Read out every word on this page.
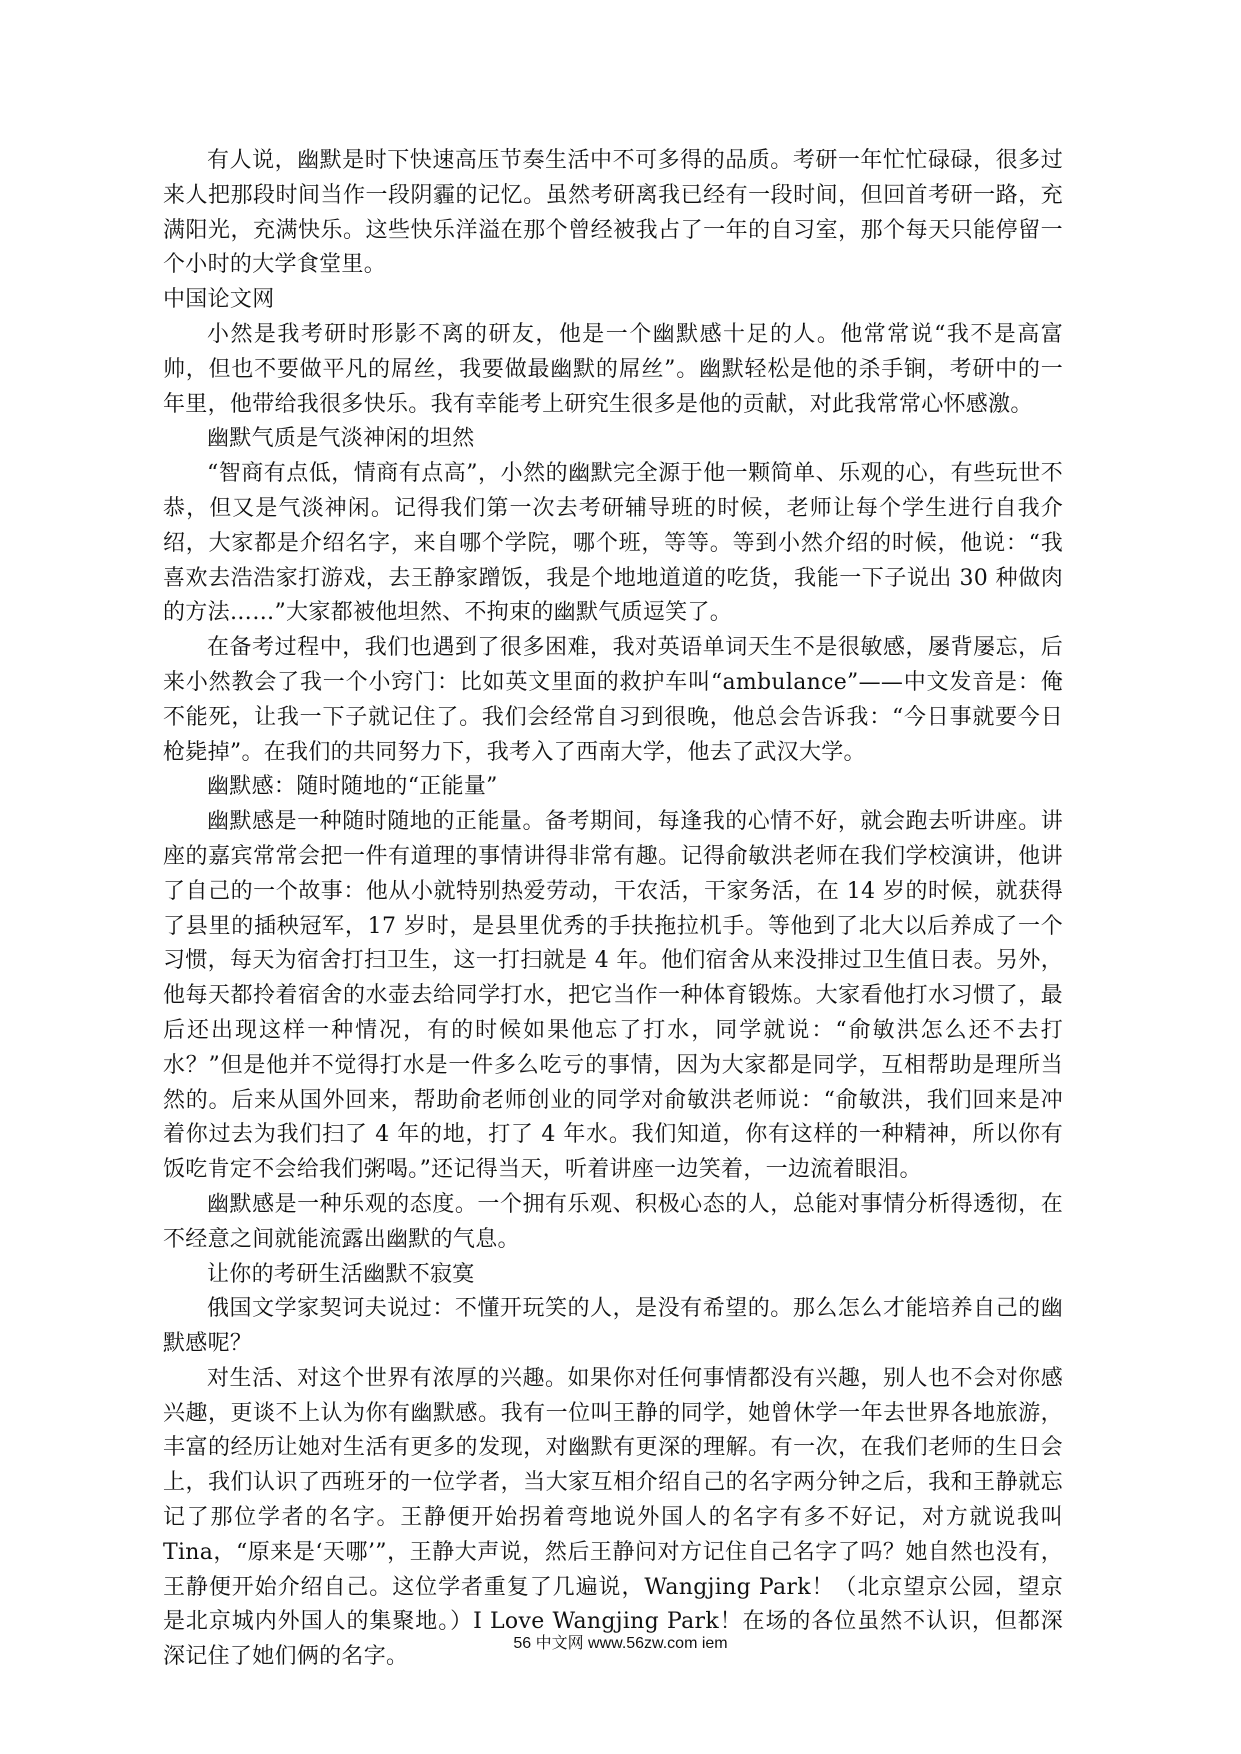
有人说，幽默是时下快速高压节奏生活中不可多得的品质。考研一年忙忙碌碌，很多过来人把那段时间当作一段阴霾的记忆。虽然考研离我已经有一段时间，但回首考研一路，充满阳光，充满快乐。这些快乐洋溢在那个曾经被我占了一年的自习室，那个每天只能停留一个小时的大学食堂里。

中国论文网

小然是我考研时形影不离的研友，他是一个幽默感十足的人。他常常说“我不是高富帅，但也不要做平凡的屌丝，我要做最幽默的屌丝”。幽默轻松是他的杀手锏，考研中的一年里，他带给我很多快乐。我有幸能考上研究生很多是他的贡献，对此我常常心怀感激。

幽默气质是气淡神闲的坦然

“智商有点低，情商有点高”，小然的幽默完全源于他一颗简单、乐观的心，有些玩世不恭，但又是气淡神闲。记得我们第一次去考研辅导班的时候，老师让每个学生进行自我介绍，大家都是介绍名字，来自哪个学院，哪个班，等等。等到小然介绍的时候，他说：“我喜欢去浩浩家打游戏，去王静家蹭饭，我是个地地道道的吃货，我能一下子说出 30 种做肉的方法……”大家都被他坦然、不拘束的幽默气质逗笑了。

在备考过程中，我们也遇到了很多困难，我对英语单词天生不是很敏感，屡背屡忘，后来小然教会了我一个小窍门：比如英文里面的救护车叫“ambulance”——中文发音是：俺不能死，让我一下子就记住了。我们会经常自习到很晚，他总会告诉我：“今日事就要今日枪毙掉”。在我们的共同努力下，我考入了西南大学，他去了武汉大学。

幽默感：随时随地的“正能量”

幽默感是一种随时随地的正能量。备考期间，每逢我的心情不好，就会跑去听讲座。讲座的嘉宾常常会把一件有道理的事情讲得非常有趣。记得俞敏洪老师在我们学校演讲，他讲了自己的一个故事：他从小就特别热爱劳动，干农活，干家务活，在 14 岁的时候，就获得了县里的插秧冠军，17 岁时，是县里优秀的手扶拖拉机手。等他到了北大以后养成了一个习惯，每天为宿舍打扫卫生，这一打扫就是 4 年。他们宿舍从来没排过卫生值日表。另外，他每天都拎着宿舍的水壶去给同学打水，把它当作一种体育锻炼。大家看他打水习惯了，最后还出现这样一种情况，有的时候如果他忘了打水，同学就说：“俞敏洪怎么还不去打水？”但是他并不觉得打水是一件多么吃亏的事情，因为大家都是同学，互相帮助是理所当然的。后来从国外回来，帮助俞老师创业的同学对俞敏洪老师说：“俞敏洪，我们回来是冲着你过去为我们扫了 4 年的地，打了 4 年水。我们知道，你有这样的一种精神，所以你有饭吃肯定不会给我们粥喝。”还记得当天，听着讲座一边笑着，一边流着眼泪。

幽默感是一种乐观的态度。一个拥有乐观、积极心态的人，总能对事情分析得透彻，在不经意之间就能流露出幽默的气息。

让你的考研生活幽默不寂寞

俄国文学家契诃夫说过：不懂开玩笑的人，是没有希望的。那么怎么才能培养自己的幽默感呢？

对生活、对这个世界有浓厚的兴趣。如果你对任何事情都没有兴趣，别人也不会对你感兴趣，更谈不上认为你有幽默感。我有一位叫王静的同学，她曾休学一年去世界各地旅游，丰富的经历让她对生活有更多的发现，对幽默有更深的理解。有一次，在我们老师的生日会上，我们认识了西班牙的一位学者，当大家互相介绍自己的名字两分钟之后，我和王静就忘记了那位学者的名字。王静便开始拐着弯地说外国人的名字有多不好记，对方就说我叫 Tina，“原来是‘天哪’”，王静大声说，然后王静问对方记住自己名字了吗？她自然也没有，王静便开始介绍自己。这位学者重复了几遍说，Wangjing Park！（北京望京公园，望京是北京城内外国人的集聚地。）I Love Wangjing Park！在场的各位虽然不认识，但都深深记住了她们俩的名字。

56 中文网 www.56zw.com iem
